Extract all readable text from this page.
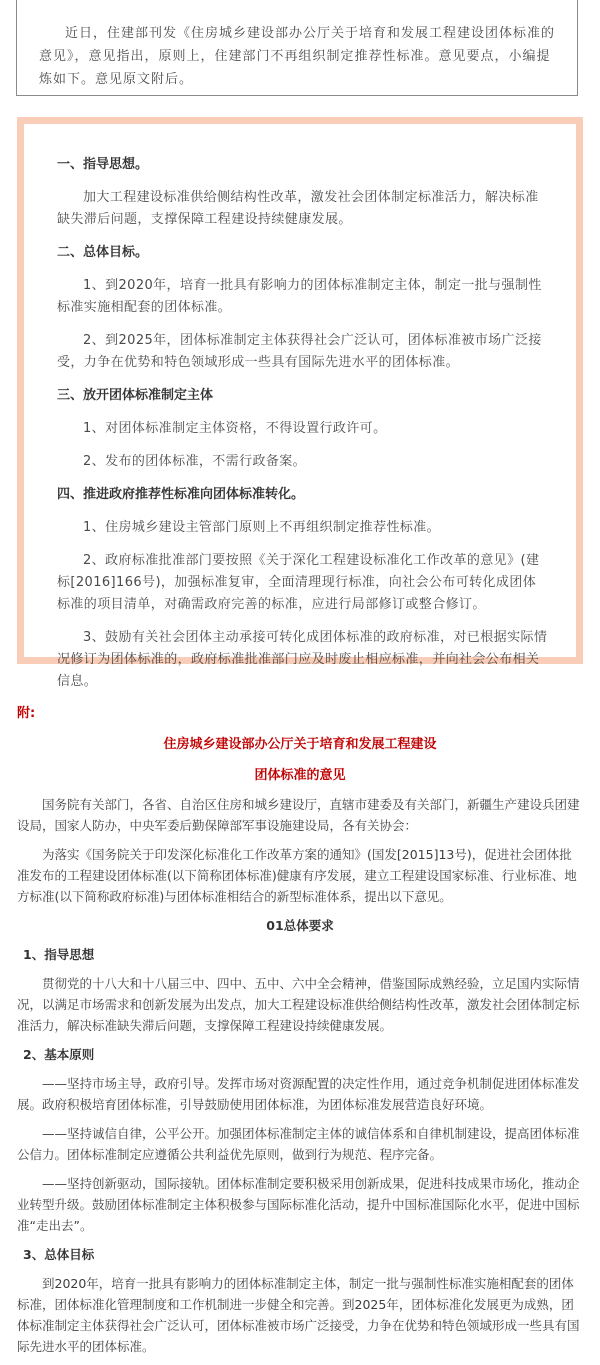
近日，住建部刊发《住房城乡建设部办公厅关于培育和发展工程建设团体标准的意见》，意见指出，原则上，住建部门不再组织制定推荐性标准。意见要点，小编提炼如下。意见原文附后。

一、指导思想。
加大工程建设标准供给侧结构性改革，激发社会团体制定标准活力，解决标准缺失滞后问题，支撑保障工程建设持续健康发展。
二、总体目标。
1、到2020年，培育一批具有影响力的团体标准制定主体，制定一批与强制性标准实施相配套的团体标准。
2、到2025年，团体标准制定主体获得社会广泛认可，团体标准被市场广泛接受，力争在优势和特色领域形成一些具有国际先进水平的团体标准。
三、放开团体标准制定主体
1、对团体标准制定主体资格，不得设置行政许可。
2、发布的团体标准，不需行政备案。
四、推进政府推荐性标准向团体标准转化。
1、住房城乡建设主管部门原则上不再组织制定推荐性标准。
2、政府标准批准部门要按照《关于深化工程建设标准化工作改革的意见》(建标[2016]166号)，加强标准复审，全面清理现行标准，向社会公布可转化成团体标准的项目清单，对确需政府完善的标准，应进行局部修订或整合修订。
3、鼓励有关社会团体主动承接可转化成团体标准的政府标准，对已根据实际情况修订为团体标准的，政府标准批准部门应及时废止相应标准，并向社会公布相关信息。
附:
住房城乡建设部办公厅关于培育和发展工程建设
团体标准的意见
国务院有关部门，各省、自治区住房和城乡建设厅，直辖市建委及有关部门，新疆生产建设兵团建设局，国家人防办，中央军委后勤保障部军事设施建设局，各有关协会：
为落实《国务院关于印发深化标准化工作改革方案的通知》(国发[2015]13号)，促进社会团体批准发布的工程建设团体标准(以下简称团体标准)健康有序发展，建立工程建设国家标准、行业标准、地方标准(以下简称政府标准)与团体标准相结合的新型标准体系，提出以下意见。
01总体要求
1、指导思想
贯彻党的十八大和十八届三中、四中、五中、六中全会精神，借鉴国际成熟经验，立足国内实际情况，以满足市场需求和创新发展为出发点，加大工程建设标准供给侧结构性改革，激发社会团体制定标准活力，解决标准缺失滞后问题，支撑保障工程建设持续健康发展。
2、基本原则
——坚持市场主导，政府引导。发挥市场对资源配置的决定性作用，通过竞争机制促进团体标准发展。政府积极培育团体标准，引导鼓励使用团体标准，为团体标准发展营造良好环境。
——坚持诚信自律，公平公开。加强团体标准制定主体的诚信体系和自律机制建设，提高团体标准公信力。团体标准制定应遵循公共利益优先原则，做到行为规范、程序完备。
——坚持创新驱动，国际接轨。团体标准制定要积极采用创新成果，促进科技成果市场化，推动企业转型升级。鼓励团体标准制定主体积极参与国际标准化活动，提升中国标准国际化水平，促进中国标准“走出去”。
3、总体目标
到2020年，培育一批具有影响力的团体标准制定主体，制定一批与强制性标准实施相配套的团体标准，团体标准化管理制度和工作机制进一步健全和完善。到2025年，团体标准化发展更为成熟，团体标准制定主体获得社会广泛认可，团体标准被市场广泛接受，力争在优势和特色领域形成一些具有国际先进水平的团体标准。
